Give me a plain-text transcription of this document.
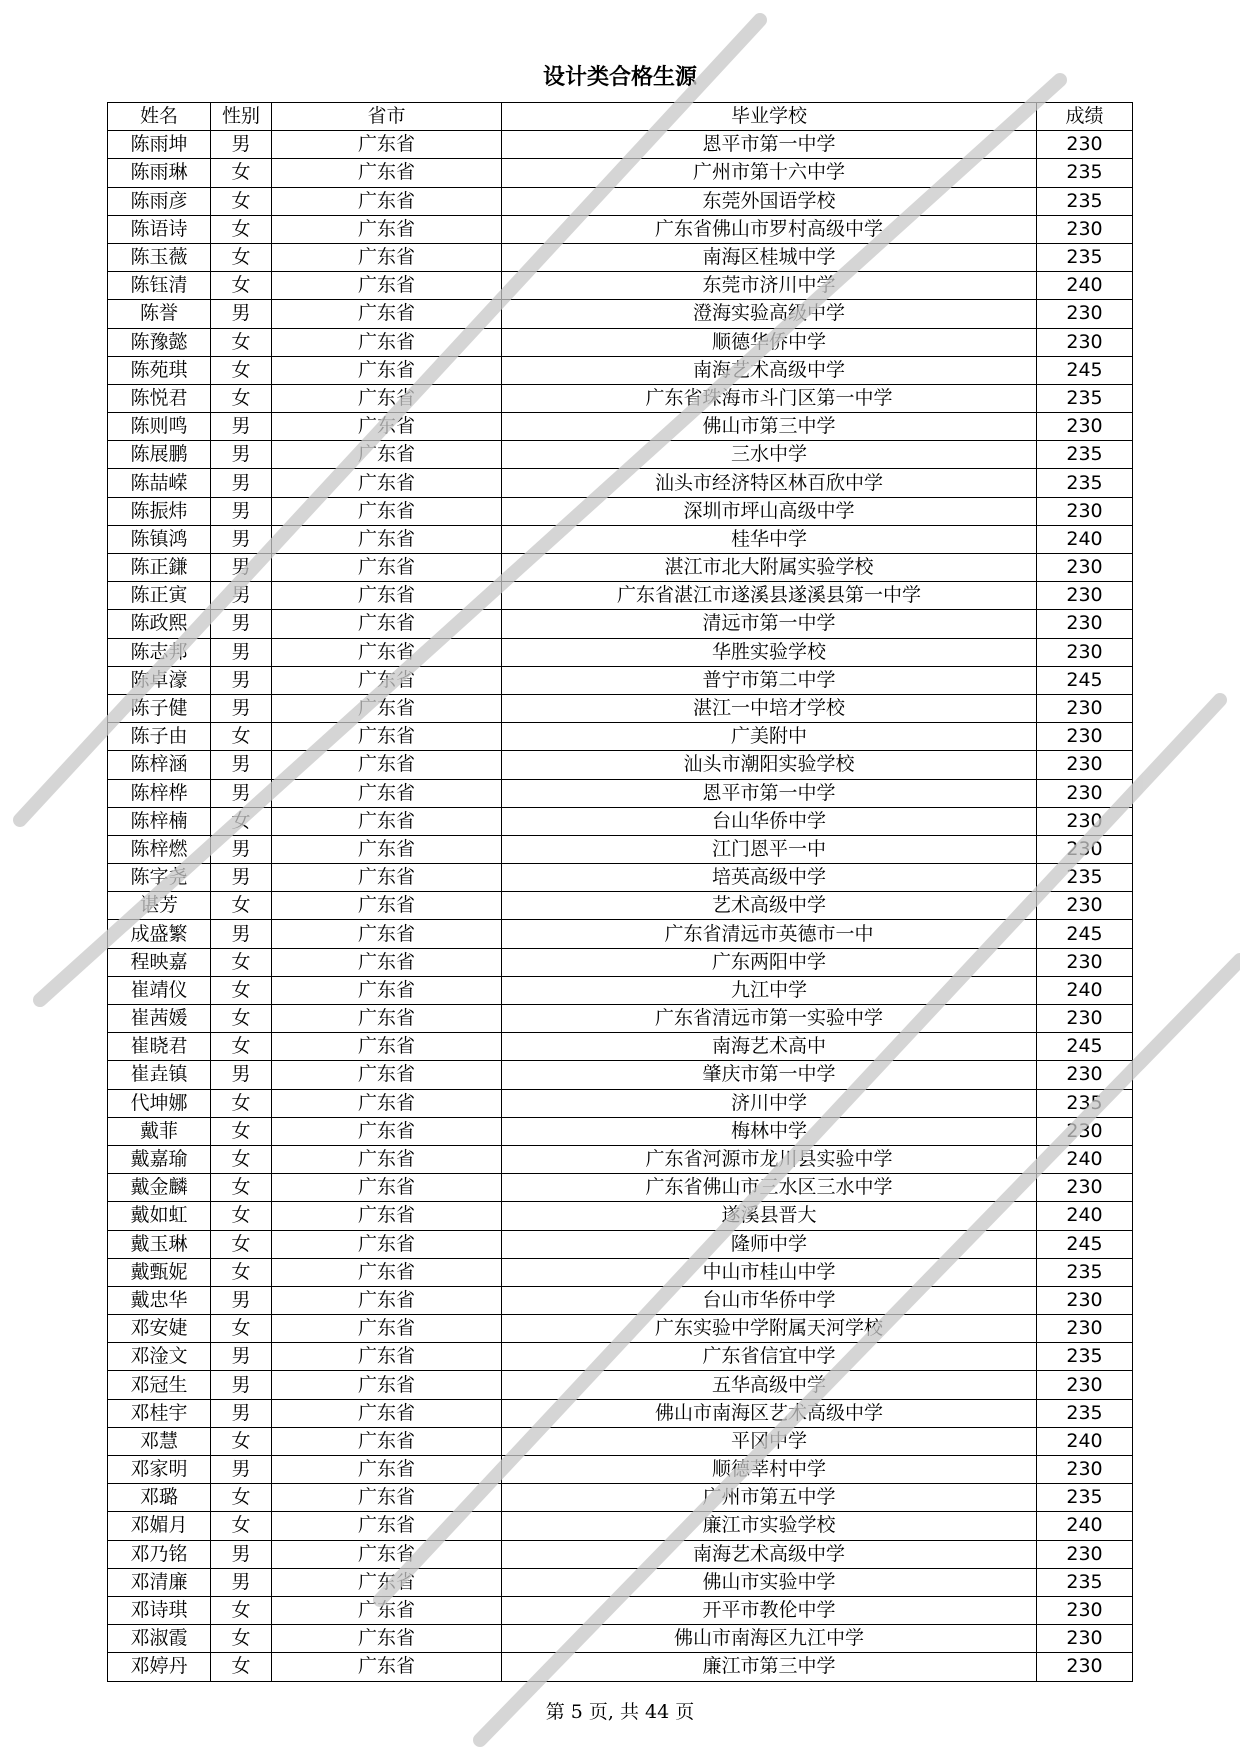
设计类合格生源
姓名	性别	省市	毕业学校	成绩
陈雨坤	男	广东省	恩平市第一中学	230
陈雨琳	女	广东省	广州市第十六中学	235
陈雨彦	女	广东省	东莞外国语学校	235
陈语诗	女	广东省	广东省佛山市罗村高级中学	230
陈玉薇	女	广东省	南海区桂城中学	235
陈钰清	女	广东省	东莞市济川中学	240
陈誉	男	广东省	澄海实验高级中学	230
陈豫懿	女	广东省	顺德华侨中学	230
陈苑琪	女	广东省	南海艺术高级中学	245
陈悦君	女	广东省	广东省珠海市斗门区第一中学	235
陈则鸣	男	广东省	佛山市第三中学	230
陈展鹏	男	广东省	三水中学	235
陈喆嵘	男	广东省	汕头市经济特区林百欣中学	235
陈振炜	男	广东省	深圳市坪山高级中学	230
陈镇鸿	男	广东省	桂华中学	240
陈正鎌	男	广东省	湛江市北大附属实验学校	230
陈正寅	男	广东省	广东省湛江市遂溪县遂溪县第一中学	230
陈政熙	男	广东省	清远市第一中学	230
陈志邦	男	广东省	华胜实验学校	230
陈卓濠	男	广东省	普宁市第二中学	245
陈子健	男	广东省	湛江一中培才学校	230
陈子由	女	广东省	广美附中	230
陈梓涵	男	广东省	汕头市潮阳实验学校	230
陈梓桦	男	广东省	恩平市第一中学	230
陈梓楠	女	广东省	台山华侨中学	230
陈梓燃	男	广东省	江门恩平一中	230
陈字尧	男	广东省	培英高级中学	235
谌芳	女	广东省	艺术高级中学	230
成盛繁	男	广东省	广东省清远市英德市一中	245
程映嘉	女	广东省	广东两阳中学	230
崔靖仪	女	广东省	九江中学	240
崔茜媛	女	广东省	广东省清远市第一实验中学	230
崔晓君	女	广东省	南海艺术高中	245
崔垚镇	男	广东省	肇庆市第一中学	230
代坤娜	女	广东省	济川中学	235
戴菲	女	广东省	梅林中学	230
戴嘉瑜	女	广东省	广东省河源市龙川县实验中学	240
戴金麟	女	广东省	广东省佛山市三水区三水中学	230
戴如虹	女	广东省	遂溪县晋大	240
戴玉琳	女	广东省	隆师中学	245
戴甄妮	女	广东省	中山市桂山中学	235
戴忠华	男	广东省	台山市华侨中学	230
邓安婕	女	广东省	广东实验中学附属天河学校	230
邓淦文	男	广东省	广东省信宜中学	235
邓冠生	男	广东省	五华高级中学	230
邓桂宇	男	广东省	佛山市南海区艺术高级中学	235
邓慧	女	广东省	平冈中学	240
邓家明	男	广东省	顺德莘村中学	230
邓璐	女	广东省	广州市第五中学	235
邓媚月	女	广东省	廉江市实验学校	240
邓乃铭	男	广东省	南海艺术高级中学	230
邓清廉	男	广东省	佛山市实验中学	235
邓诗琪	女	广东省	开平市教伦中学	230
邓淑霞	女	广东省	佛山市南海区九江中学	230
邓婷丹	女	广东省	廉江市第三中学	230
第 5 页, 共 44 页
